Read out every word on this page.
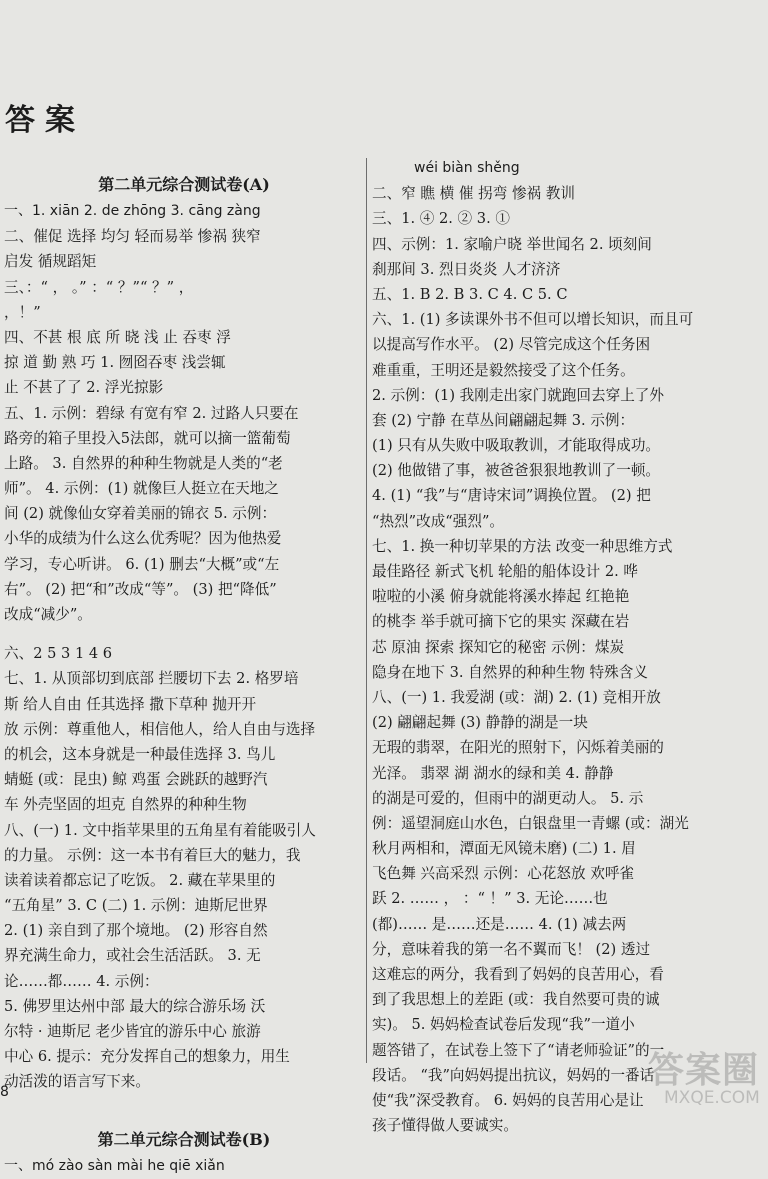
答案
第二单元综合测试卷(A)
一、1. xiān 2. de zhōng 3. cāng zàng
二、催促 选择 均匀 轻而易举 惨祸 狭窄
启发 循规蹈矩
三、：“ ， 。” ：“ ？”“ ？” ，
，！”
四、不甚 根 底 所 晓 浅 止 吞枣 浮
掠 道 勤 熟 巧 1. 囫囵吞枣 浅尝辄
止 不甚了了 2. 浮光掠影
五、1. 示例：碧绿 有宽有窄 2. 过路人只要在
路旁的箱子里投入5法郎，就可以摘一篮葡萄
上路。 3. 自然界的种种生物就是人类的“老
师”。 4. 示例：(1) 就像巨人挺立在天地之
间 (2) 就像仙女穿着美丽的锦衣 5. 示例：
小华的成绩为什么这么优秀呢？因为他热爱
学习，专心听讲。 6. (1) 删去“大概”或“左
右”。 (2) 把“和”改成“等”。 (3) 把“降低”
改成“减少”。
六、2 5 3 1 4 6
七、1. 从顶部切到底部 拦腰切下去 2. 格罗培
斯 给人自由 任其选择 撒下草种 抛开开
放 示例：尊重他人，相信他人，给人自由与选择
的机会，这本身就是一种最佳选择 3. 鸟儿
蜻蜓 (或：昆虫) 鲸 鸡蛋 会跳跃的越野汽
车 外壳坚固的坦克 自然界的种种生物
八、(一) 1. 文中指苹果里的五角星有着能吸引人
的力量。 示例：这一本书有着巨大的魅力，我
读着读着都忘记了吃饭。 2. 藏在苹果里的
“五角星” 3. C (二) 1. 示例：迪斯尼世界
2. (1) 亲自到了那个境地。 (2) 形容自然
界充满生命力，或社会生活活跃。 3. 无
论……都…… 4. 示例：
5. 佛罗里达州中部 最大的综合游乐场 沃
尔特 · 迪斯尼 老少皆宜的游乐中心 旅游
中心 6. 提示：充分发挥自己的想象力，用生
动活泼的语言写下来。
第二单元综合测试卷(B)
一、mó zào sàn mài he qiē xiǎn
wéi biàn shěng
二、窄 瞧 横 催 拐弯 惨祸 教训
三、1. ④ 2. ② 3. ①
四、示例：1. 家喻户晓 举世闻名 2. 顷刻间
刹那间 3. 烈日炎炎 人才济济
五、1. B 2. B 3. C 4. C 5. C
六、1. (1) 多读课外书不但可以增长知识，而且可
以提高写作水平。 (2) 尽管完成这个任务困
难重重，王明还是毅然接受了这个任务。
2. 示例：(1) 我刚走出家门就跑回去穿上了外
套 (2) 宁静 在草丛间翩翩起舞 3. 示例：
(1) 只有从失败中吸取教训，才能取得成功。
(2) 他做错了事，被爸爸狠狠地教训了一顿。
4. (1) “我”与“唐诗宋词”调换位置。 (2) 把
“热烈”改成“强烈”。
七、1. 换一种切苹果的方法 改变一种思维方式
最佳路径 新式飞机 轮船的船体设计 2. 哗
啦啦的小溪 俯身就能将溪水捧起 红艳艳
的桃李 举手就可摘下它的果实 深藏在岩
芯 原油 探索 探知它的秘密 示例：煤炭
隐身在地下 3. 自然界的种种生物 特殊含义
八、(一) 1. 我爱湖 (或：湖) 2. (1) 竞相开放
(2) 翩翩起舞 (3) 静静的湖是一块
无瑕的翡翠，在阳光的照射下，闪烁着美丽的
光泽。 翡翠 湖 湖水的绿和美 4. 静静
的湖是可爱的，但雨中的湖更动人。 5. 示
例：遥望洞庭山水色，白银盘里一青螺 (或：湖光
秋月两相和，潭面无风镜未磨) (二) 1. 眉
飞色舞 兴高采烈 示例：心花怒放 欢呼雀
跃 2. …… ， ：“ ！” 3. 无论……也
(都)…… 是……还是…… 4. (1) 减去两
分，意味着我的第一名不翼而飞！ (2) 透过
这难忘的两分，我看到了妈妈的良苦用心，看
到了我思想上的差距 (或：我自然要可贵的诚
实)。 5. 妈妈检查试卷后发现“我”一道小
题答错了，在试卷上签下了“请老师验证”的一
段话。 “我”向妈妈提出抗议，妈妈的一番话
使“我”深受教育。 6. 妈妈的良苦用心是让
孩子懂得做人要诚实。
8
答案圈
MXQE.COM
